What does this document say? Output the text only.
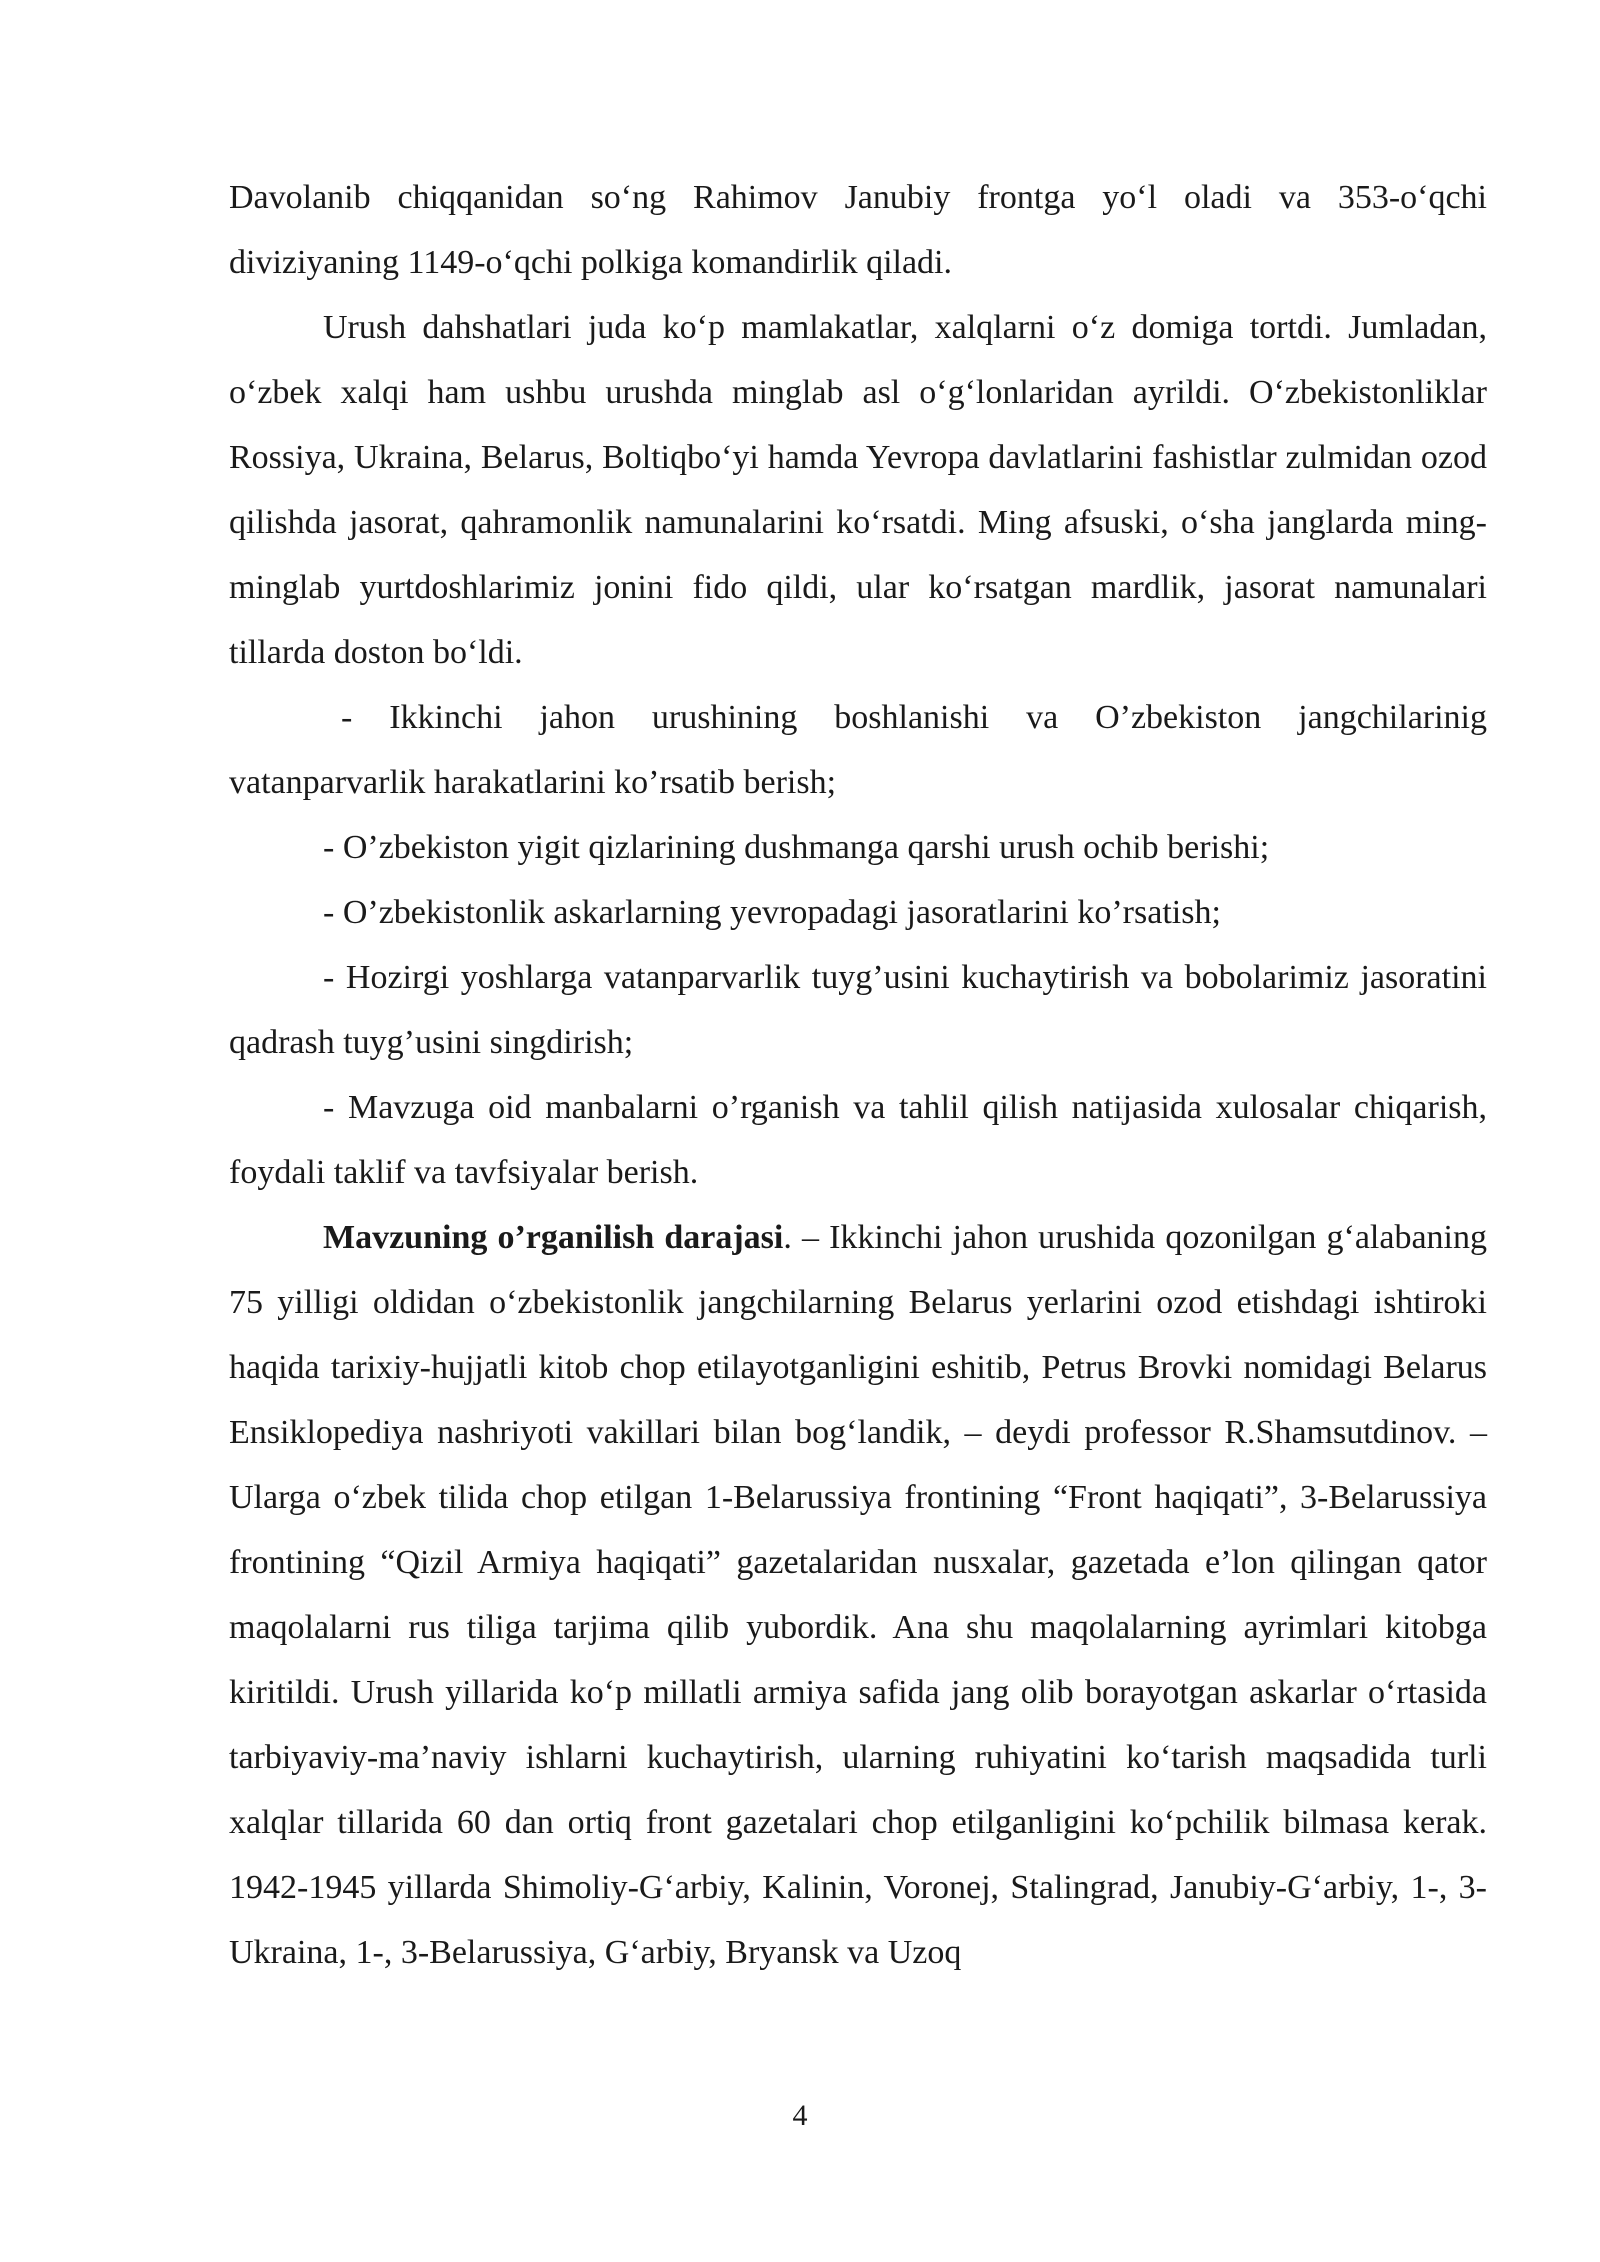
Davolanib chiqqanidan so‘ng Rahimov Janubiy frontga yo‘l oladi va 353-o‘qchi diviziyaning 1149-o‘qchi polkiga komandirlik qiladi.

Urush dahshatlari juda ko‘p mamlakatlar, xalqlarni o‘z domiga tortdi. Jumladan, o‘zbek xalqi ham ushbu urushda minglab asl o‘g‘lonlaridan ayrildi. O‘zbekistonliklar Rossiya, Ukraina, Belarus, Boltiqbo‘yi hamda Yevropa davlatlarini fashistlar zulmidan ozod qilishda jasorat, qahramonlik namunalarini ko‘rsatdi. Ming afsuski, o‘sha janglarda ming-minglab yurtdoshlarimiz jonini fido qildi, ular ko‘rsatgan mardlik, jasorat namunalari tillarda doston bo‘ldi.

- Ikkinchi jahon urushining boshlanishi va O’zbekiston jangchilarinig vatanparvarlik harakatlarini ko’rsatib berish;

- O’zbekiston yigit qizlarining dushmanga qarshi urush ochib berishi;

- O’zbekistonlik askarlarning yevropadagi jasoratlarini ko’rsatish;

- Hozirgi yoshlarga vatanparvarlik tuyg’usini kuchaytirish va bobolarimiz jasoratini qadrash tuyg’usini singdirish;

- Mavzuga oid manbalarni o’rganish va tahlil qilish natijasida xulosalar chiqarish, foydali taklif va tavfsiyalar berish.

Mavzuning o’rganilish darajasi. – Ikkinchi jahon urushida qozonilgan g‘alabaning 75 yilligi oldidan o‘zbekistonlik jangchilarning Belarus yerlarini ozod etishdagi ishtiroki haqida tarixiy-hujjatli kitob chop etilayotganligini eshitib, Petrus Brovki nomidagi Belarus Ensiklopediya nashriyoti vakillari bilan bog‘landik, – deydi professor R.Shamsutdinov. – Ularga o‘zbek tilida chop etilgan 1-Belarussiya frontining “Front haqiqati”, 3-Belarussiya frontining “Qizil Armiya haqiqati” gazetalaridan nusxalar, gazetada e’lon qilingan qator maqolalarni rus tiliga tarjima qilib yubordik. Ana shu maqolalarning ayrimlari kitobga kiritildi. Urush yillarida ko‘p millatli armiya safida jang olib borayotgan askarlar o‘rtasida tarbiyaviy-ma’naviy ishlarni kuchaytirish, ularning ruhiyatini ko‘tarish maqsadida turli xalqlar tillarida 60 dan ortiq front gazetalari chop etilganligini ko‘pchilik bilmasa kerak. 1942-1945 yillarda Shimoliy-G‘arbiy, Kalinin, Voronej, Stalingrad, Janubiy-G‘arbiy, 1-, 3-Ukraina, 1-, 3-Belarussiya, G‘arbiy, Bryansk va Uzoq

4
